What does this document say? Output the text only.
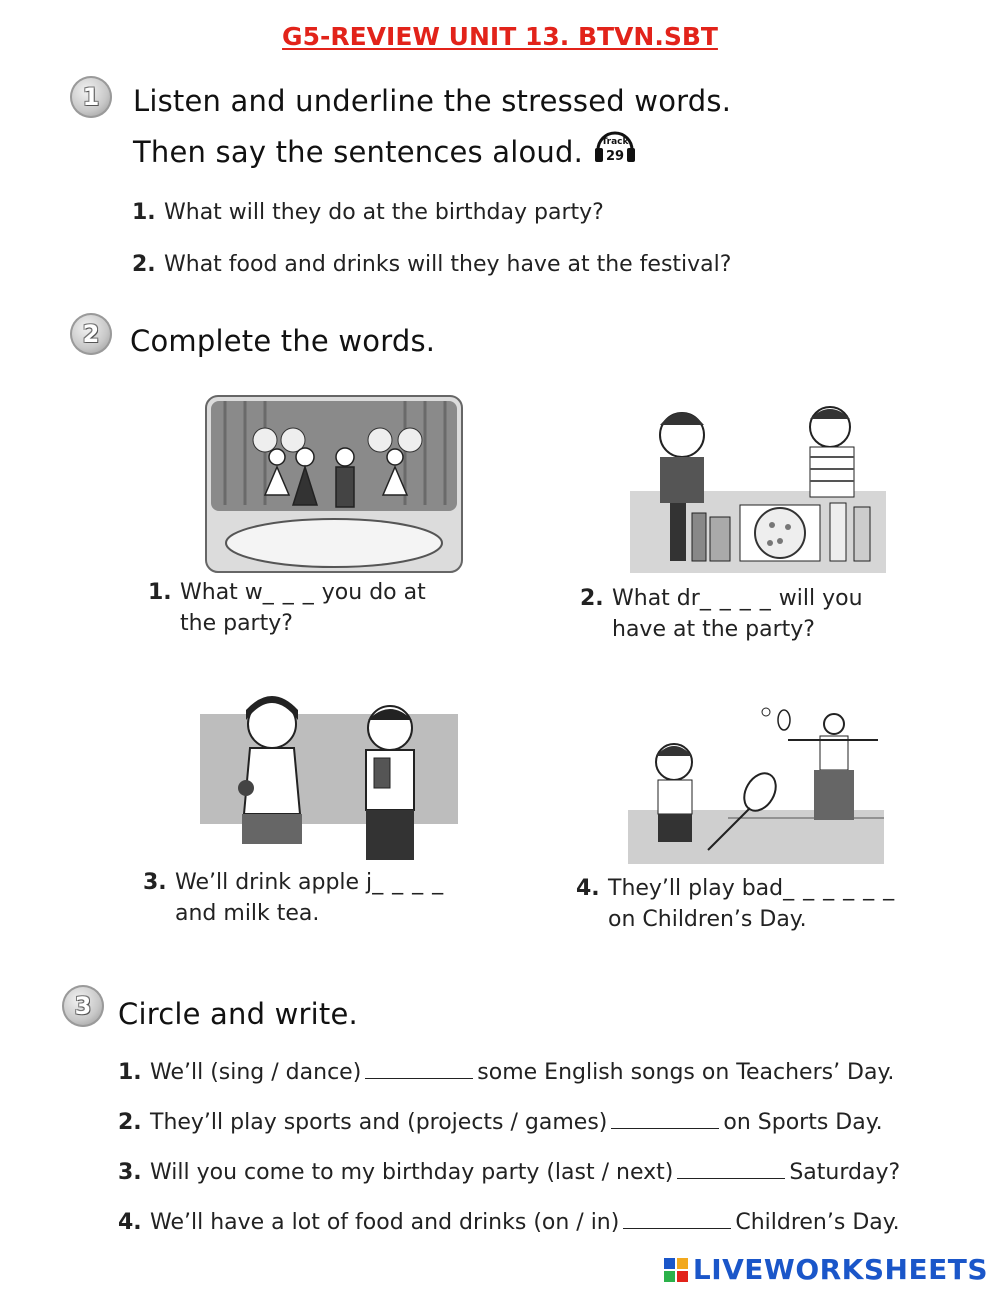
G5-REVIEW UNIT 13. BTVN.SBT
1 Listen and underline the stressed words.
Then say the sentences aloud. Track
29
1. What will they do at the birthday party?
2. What food and drinks will they have at the festival?
2 Complete the words.
1. What w_ _ _ you do at
the party?
2. What dr_ _ _ _ will you
have at the party?
3. We’ll drink apple j_ _ _ _
and milk tea.
4. They’ll play bad_ _ _ _ _ _
on Children’s Day.
3 Circle and write.
1. We’ll (sing / dance)	some English songs on Teachers’ Day.
2. They’ll play sports and (projects / games)	on Sports Day.
3. Will you come to my birthday party (last / next)	Saturday?
4. We’ll have a lot of food and drinks (on / in)	Children’s Day.
LIVEWORKSHEETS
